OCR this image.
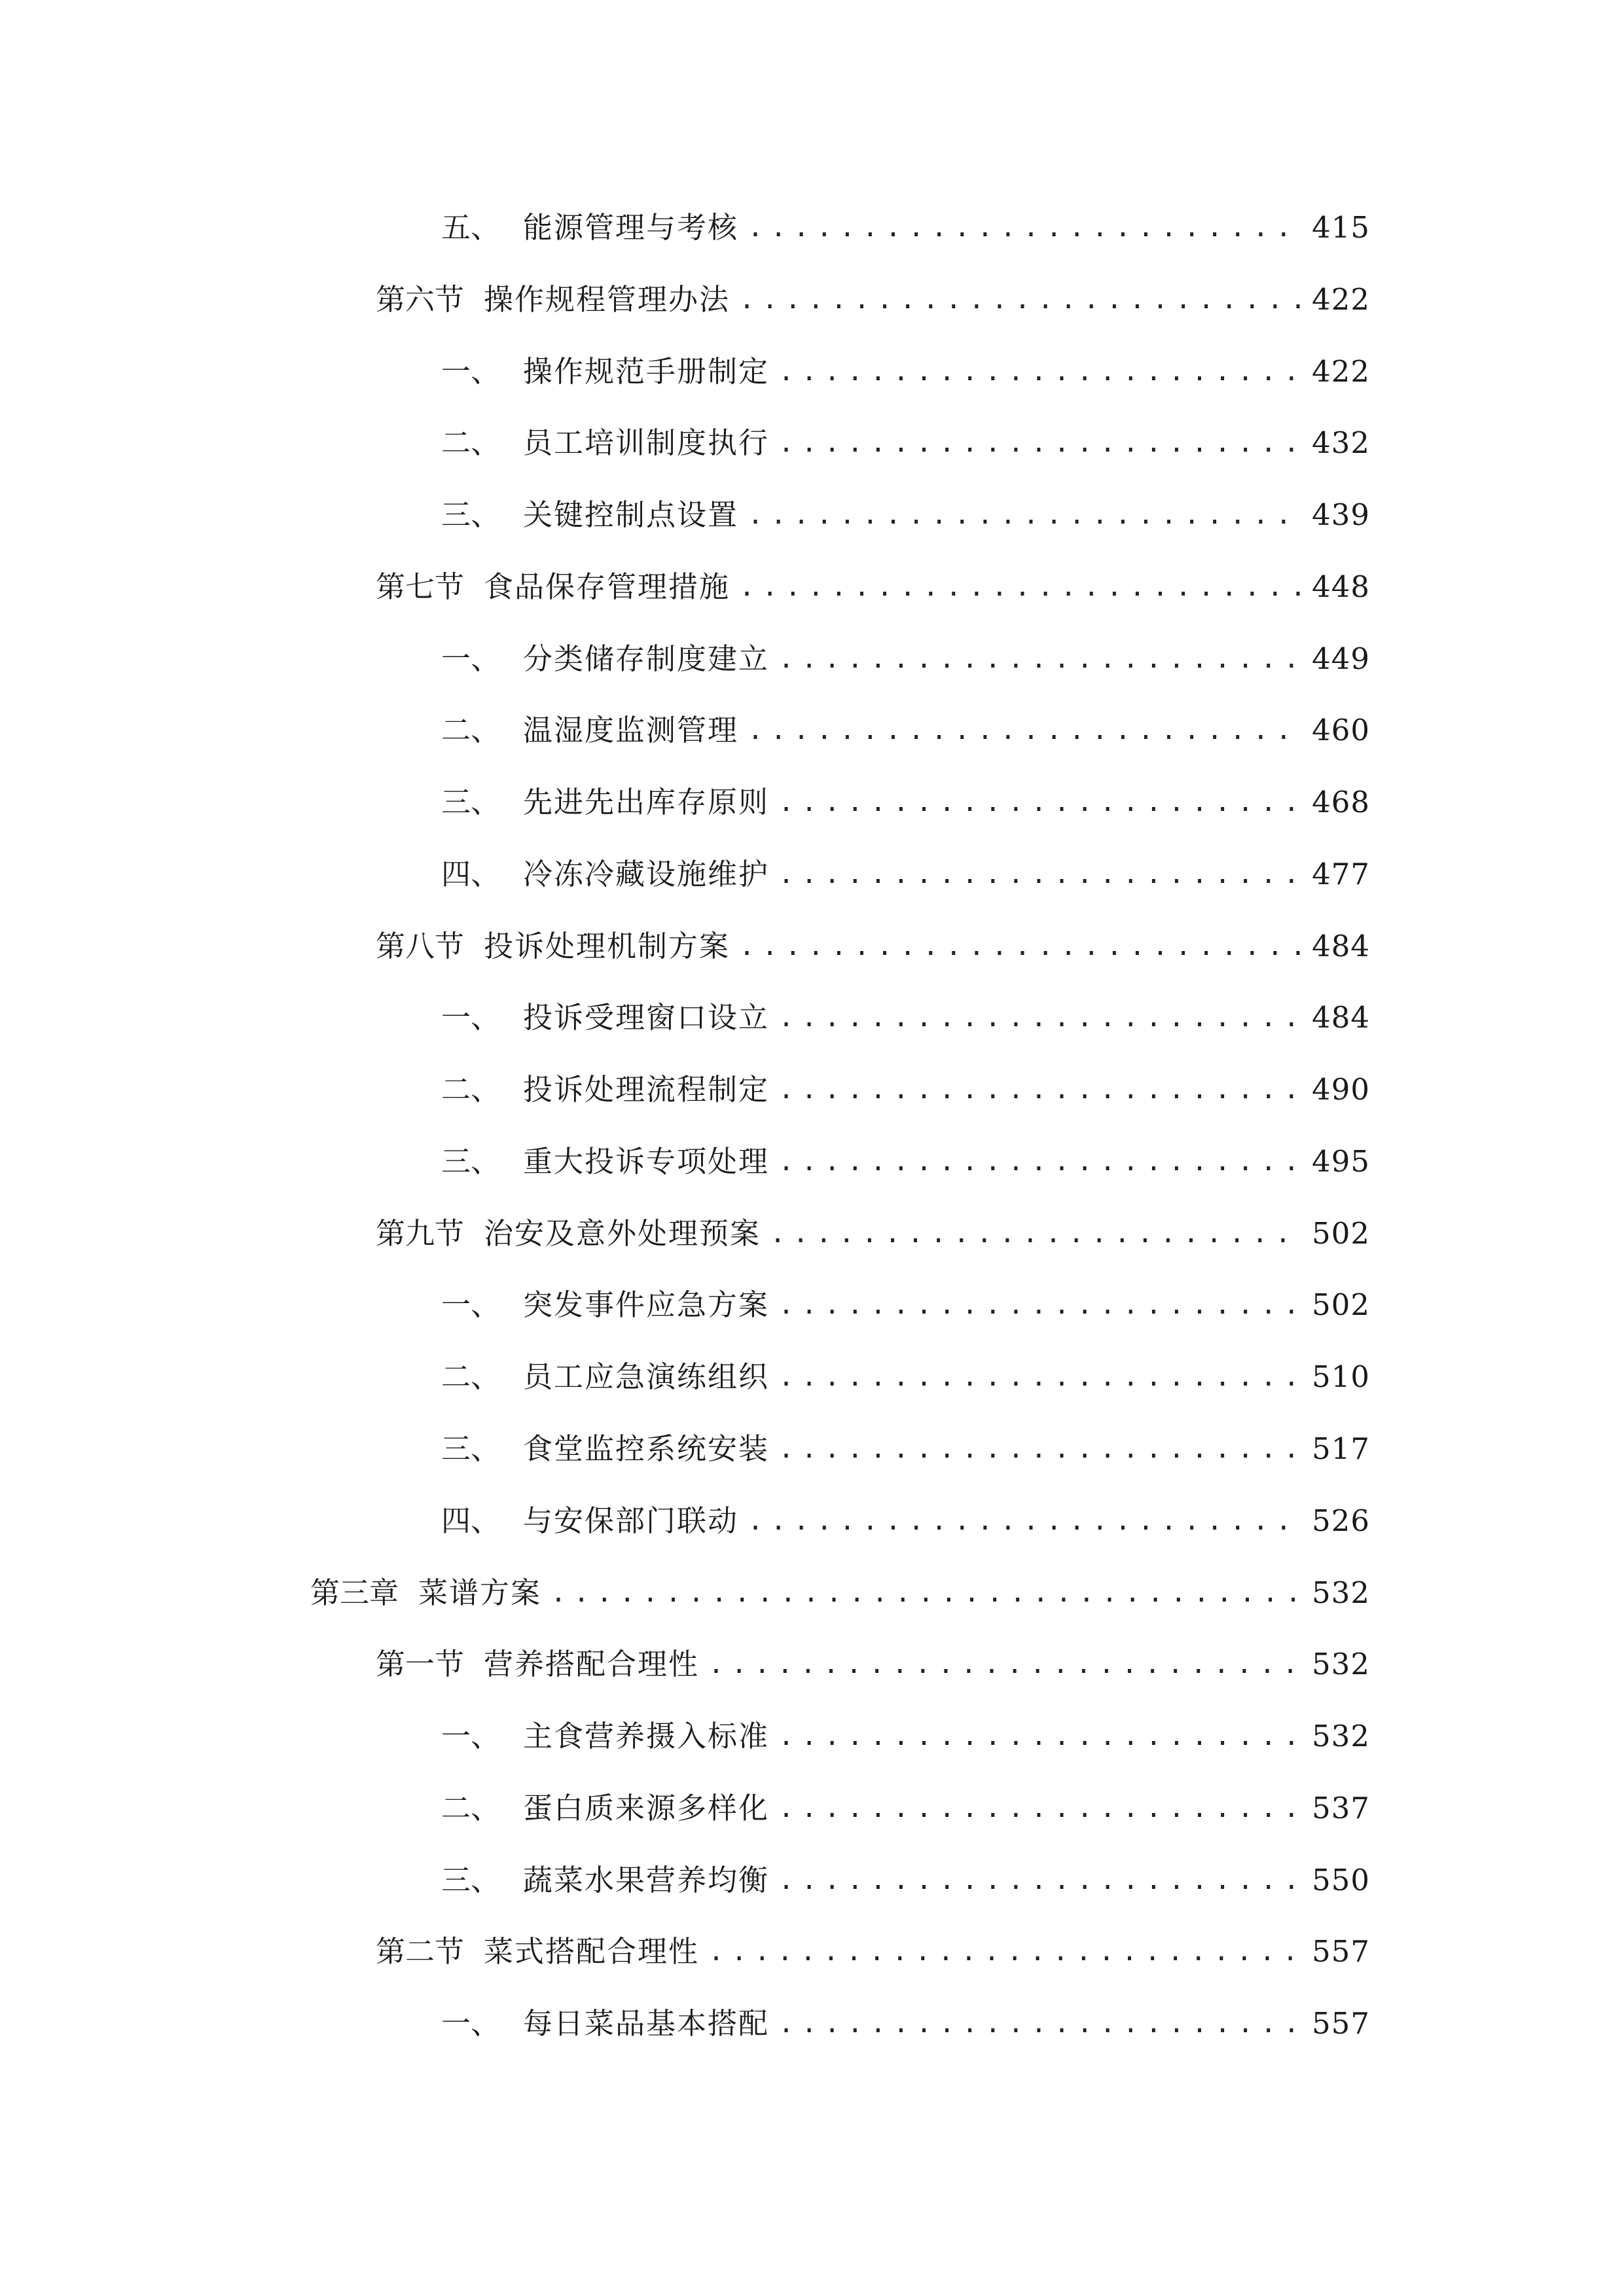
五、 能源管理与考核 .....	415
第六节 操作规程管理办法 .....	422
一、 操作规范手册制定 .....	422
二、 员工培训制度执行 .....	432
三、 关键控制点设置 .....	439
第七节 食品保存管理措施 .....	448
一、 分类储存制度建立 .....	449
二、 温湿度监测管理 .....	460
三、 先进先出库存原则 .....	468
四、 冷冻冷藏设施维护 .....	477
第八节 投诉处理机制方案 .....	484
一、 投诉受理窗口设立 .....	484
二、 投诉处理流程制定 .....	490
三、 重大投诉专项处理 .....	495
第九节 治安及意外处理预案 .....	502
一、 突发事件应急方案 .....	502
二、 员工应急演练组织 .....	510
三、 食堂监控系统安装 .....	517
四、 与安保部门联动 .....	526
第三章 菜谱方案 .....	532
第一节 营养搭配合理性 .....	532
一、 主食营养摄入标准 .....	532
二、 蛋白质来源多样化 .....	537
三、 蔬菜水果营养均衡 .....	550
第二节 菜式搭配合理性 .....	557
一、 每日菜品基本搭配 .....	557
